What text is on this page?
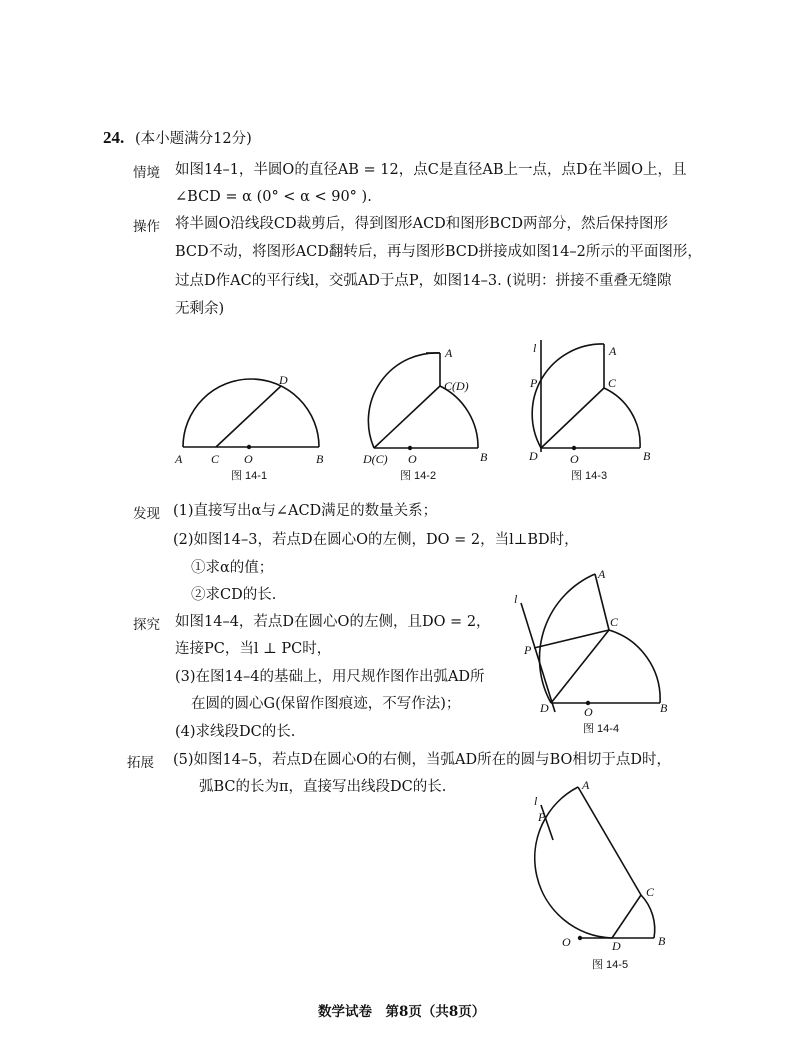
24. (本小题满分12分)
情境 如图14–1，半圆O的直径AB = 12，点C是直径AB上一点，点D在半圆O上，且
∠BCD = α (0° < α < 90° ).
操作 将半圆O沿线段CD裁剪后，得到图形ACD和图形BCD两部分，然后保持图形
BCD不动，将图形ACD翻转后，再与图形BCD拼接成如图14–2所示的平面图形，
过点D作AC的平行线l，交弧AD于点P，如图14–3. (说明：拼接不重叠无缝隙
无剩余)
A C O	B
D
图 14-1
A
C(D)
D(C) O	B
图 14-2
l	A
P	C
D	O	B
图 14-3
发现 (1)直接写出α与∠ACD满足的数量关系；
(2)如图14–3，若点D在圆心O的左侧，DO = 2，当l⊥BD时，
①求α的值；
②求CD的长.
探究 如图14–4，若点D在圆心O的左侧，且DO = 2，
连接PC，当l ⊥ PC时，
(3)在图14–4的基础上，用尺规作图作出弧AD所
在圆的圆心G(保留作图痕迹，不写作法)；
(4)求线段DC的长.
l
A
C
P
D	O	B
图 14-4
拓展 (5)如图14–5，若点D在圆心O的右侧，当弧AD所在的圆与BO相切于点D时，
弧BC的长为π，直接写出线段DC的长.
l
A
P
C
O	D	B
图 14-5
数学试卷　第8页（共8页）
